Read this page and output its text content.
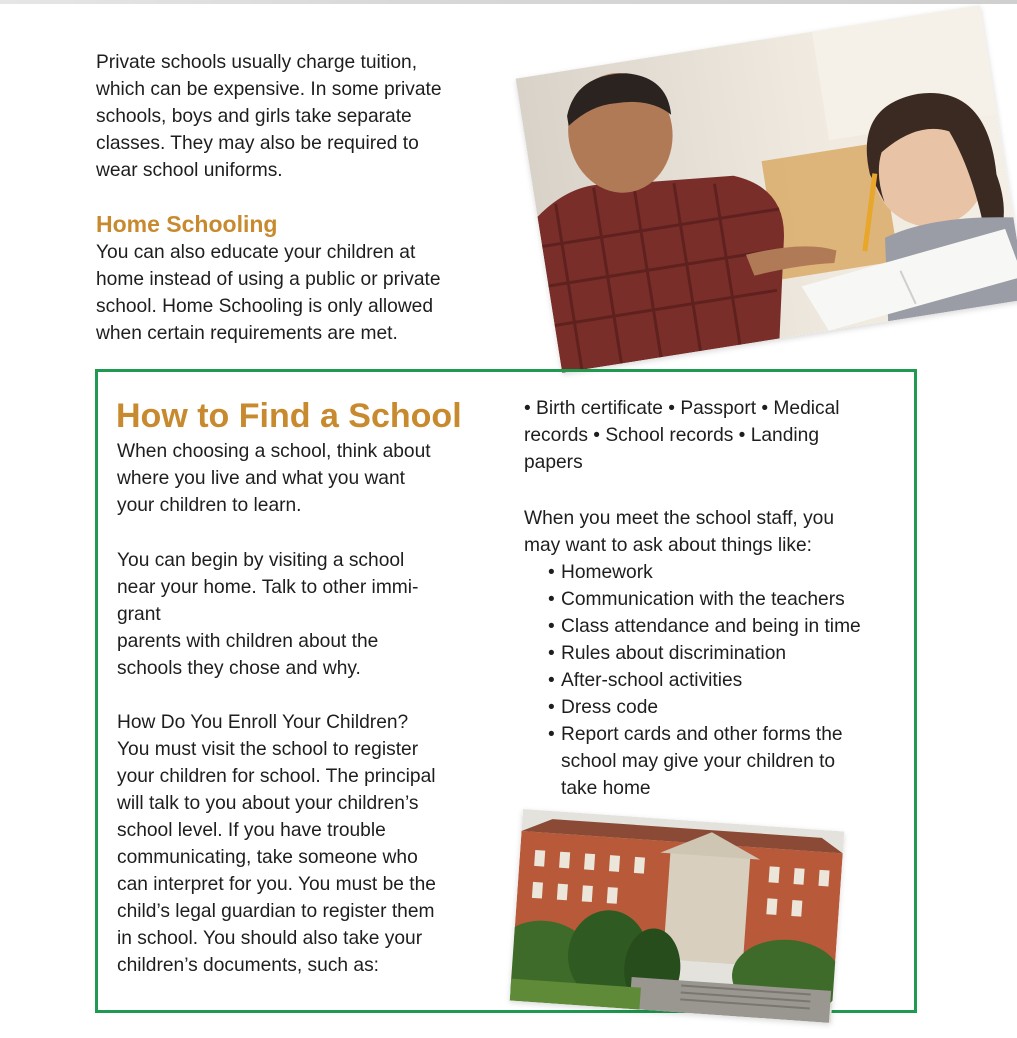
Private schools usually charge tuition,
which can be expensive. In some private
schools, boys and girls take separate
classes. They may also be required to
wear school uniforms.

Home Schooling

You can also educate your children at
home instead of using a public or private
school. Home Schooling is only allowed
when certain requirements are met.

How to Find a School

When choosing a school, think about
where you live and what you want
your children to learn.

You can begin by visiting a school
near your home. Talk to other immi-
grant
parents with children about the
schools they chose and why.

How Do You Enroll Your Children?

You must visit the school to register
your children for school. The principal
will talk to you about your children’s
school level. If you have trouble
communicating, take someone who
can interpret for you. You must be the
child’s legal guardian to register them
in school. You should also take your
children’s documents, such as:

• Birth certificate • Passport • Medical
records • School records • Landing
papers

When you meet the school staff, you
may want to ask about things like:

• Homework
• Communication with the teachers
• Class attendance and being in time
• Rules about discrimination
• After-school activities
• Dress code
• Report cards and other forms the
school may give your children to
take home
